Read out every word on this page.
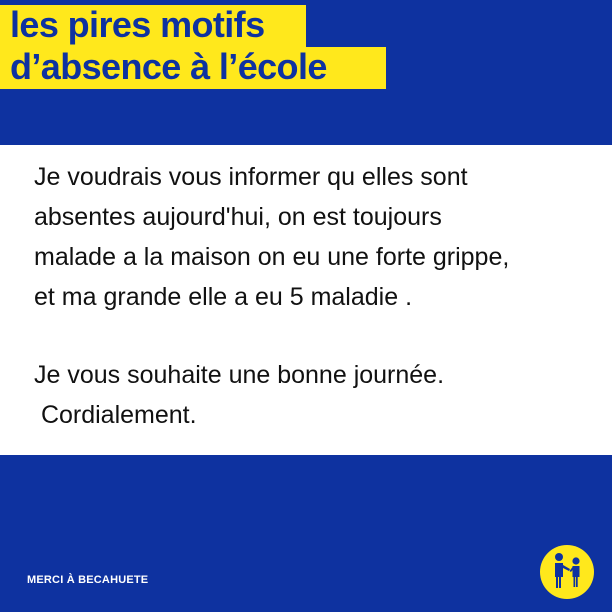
les pires motifs
d’absence à l’école
Je voudrais vous informer qu elles sont
absentes aujourd'hui, on est toujours
malade a la maison on eu une forte grippe,
et ma grande elle a eu 5 maladie .
Je vous souhaite une bonne journée.
Cordialement.
MERCI À BECAHUETE
